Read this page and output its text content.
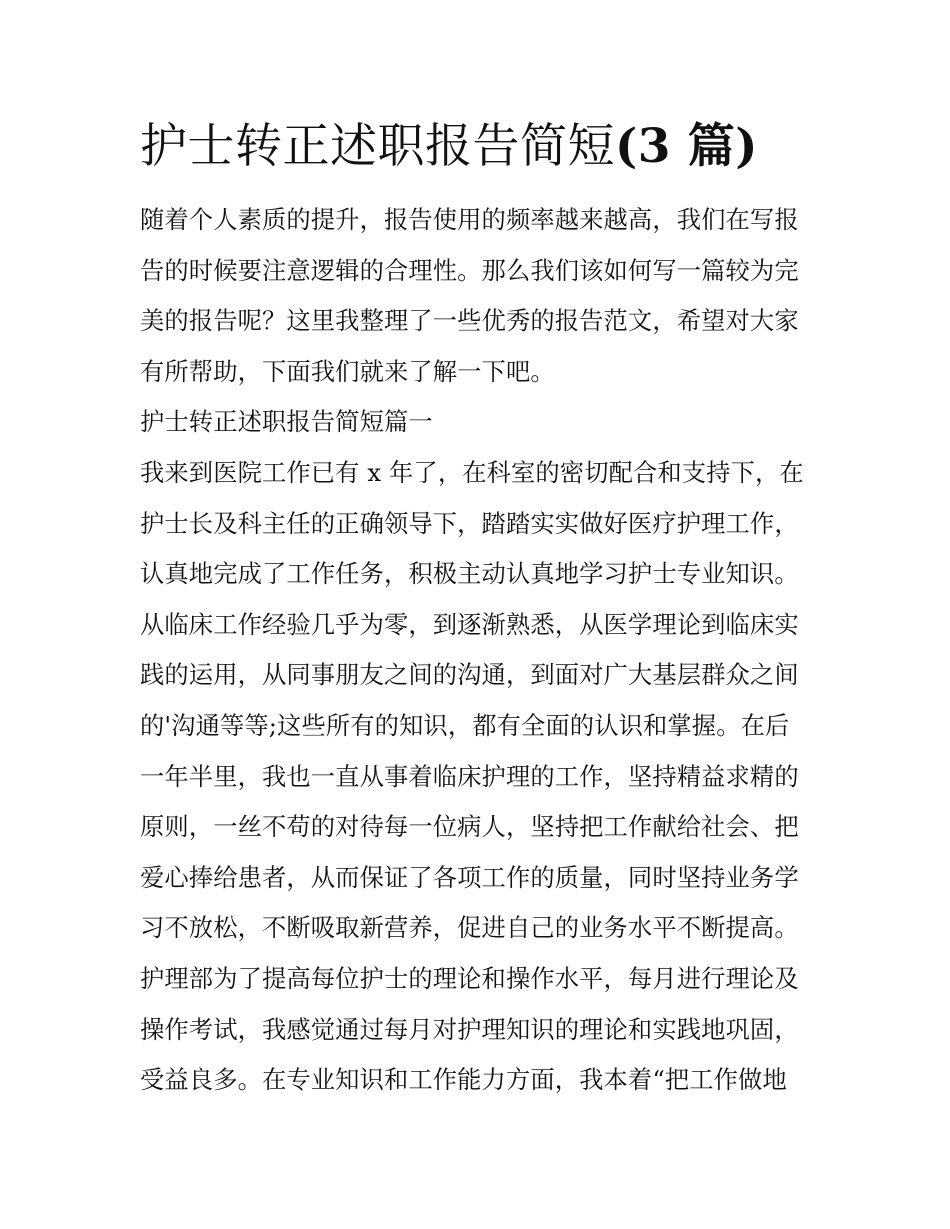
护士转正述职报告简短(3 篇)
随着个人素质的提升，报告使用的频率越来越高，我们在写报
告的时候要注意逻辑的合理性。那么我们该如何写一篇较为完
美的报告呢？这里我整理了一些优秀的报告范文，希望对大家
有所帮助，下面我们就来了解一下吧。
护士转正述职报告简短篇一
我来到医院工作已有 x 年了，在科室的密切配合和支持下，在
护士长及科主任的正确领导下，踏踏实实做好医疗护理工作，
认真地完成了工作任务，积极主动认真地学习护士专业知识。
从临床工作经验几乎为零，到逐渐熟悉，从医学理论到临床实
践的运用，从同事朋友之间的沟通，到面对广大基层群众之间
的'沟通等等;这些所有的知识，都有全面的认识和掌握。在后
一年半里，我也一直从事着临床护理的工作，坚持精益求精的
原则，一丝不苟的对待每一位病人，坚持把工作献给社会、把
爱心捧给患者，从而保证了各项工作的质量，同时坚持业务学
习不放松，不断吸取新营养，促进自己的业务水平不断提高。
护理部为了提高每位护士的理论和操作水平，每月进行理论及
操作考试，我感觉通过每月对护理知识的理论和实践地巩固，
受益良多。在专业知识和工作能力方面，我本着“把工作做地
